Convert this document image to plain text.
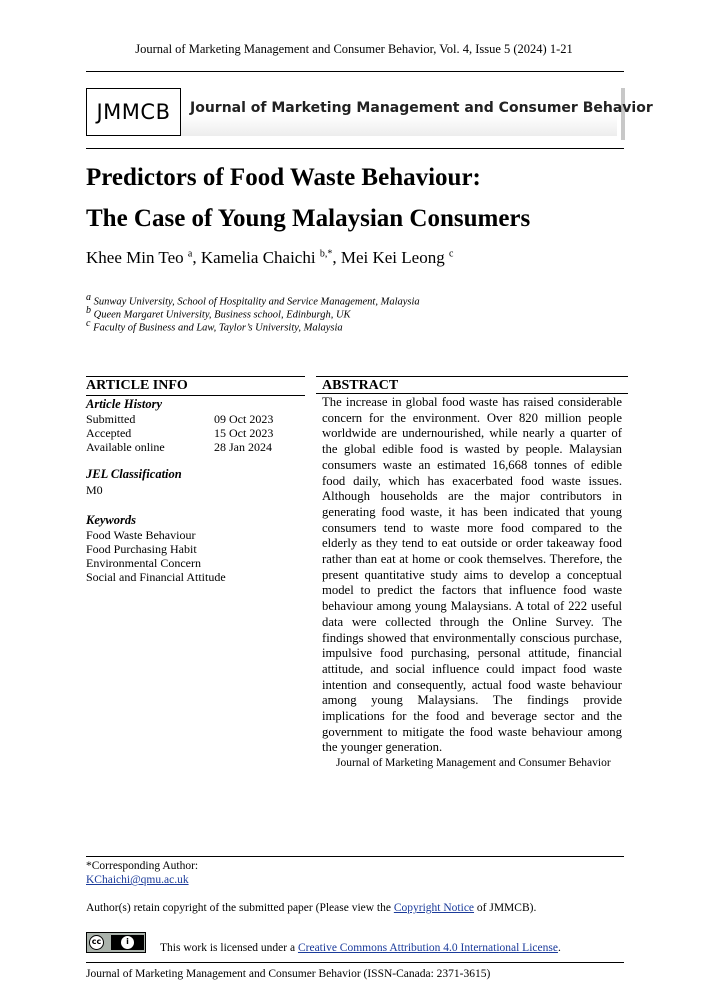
Journal of Marketing Management and Consumer Behavior, Vol. 4, Issue 5 (2024) 1-21
JMMCB	Journal of Marketing Management and Consumer Behavior
Predictors of Food Waste Behaviour:
The Case of Young Malaysian Consumers
Khee Min Teo $^a$, Kamelia Chaichi $^{b,*}$, Mei Kei Leong $^c$
$^a$ Sunway University, School of Hospitality and Service Management, Malaysia
$^b$ Queen Margaret University, Business school, Edinburgh, UK
$^c$ Faculty of Business and Law, Taylor’s University, Malaysia
ARTICLE INFO
Article History
Submitted	09 Oct 2023
Accepted	15 Oct 2023
Available online	28 Jan 2024
JEL Classification
M0
Keywords
Food Waste Behaviour
Food Purchasing Habit
Environmental Concern
Social and Financial Attitude
ABSTRACT
The increase in global food waste has raised considerable concern for the environment. Over 820 million people worldwide are undernourished, while nearly a quarter of the global edible food is wasted by people. Malaysian consumers waste an estimated 16,668 tonnes of edible food daily, which has exacerbated food waste issues. Although households are the major contributors in generating food waste, it has been indicated that young consumers tend to waste more food compared to the elderly as they tend to eat outside or order takeaway food rather than eat at home or cook themselves. Therefore, the present quantitative study aims to develop a conceptual model to predict the factors that influence food waste behaviour among young Malaysians. A total of 222 useful data were collected through the Online Survey. The findings showed that environmentally conscious purchase, impulsive food purchasing, personal attitude, financial attitude, and social influence could impact food waste intention and consequently, actual food waste behaviour among young Malaysians. The findings provide implications for the food and beverage sector and the government to mitigate the food waste behaviour among the younger generation.
Journal of Marketing Management and Consumer Behavior
*Corresponding Author:
KChaichi@qmu.ac.uk
Author(s) retain copyright of the submitted paper (Please view the Copyright Notice of JMMCB).
cc	i
This work is licensed under a Creative Commons Attribution 4.0 International License.
Journal of Marketing Management and Consumer Behavior (ISSN-Canada: 2371-3615)
